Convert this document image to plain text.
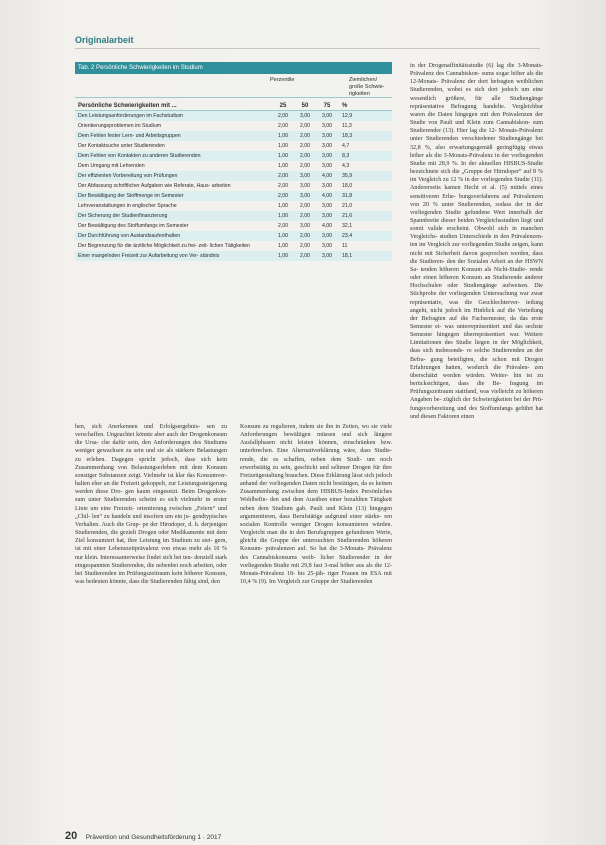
Originalarbeit
Tab. 2 Persönliche Schwierigkeiten im Studium
Perzentile	Ziemlichen/ große Schwie- rigkeiten
Persönliche Schwierigkeiten mit ...	25	50	75	%
Den Leistungsanforderungen im Fachstudium	2,00	3,00	3,00	12,9
Orientierungsproblemen im Studium	2,00	2,00	3,00	11,3
Dem Fehlen fester Lern- und Arbeitsgruppen	1,00	2,00	3,00	18,3
Der Kontaktsuche unter Studierenden	1,00	2,00	3,00	4,7
Dem Fehlen von Kontakten zu anderen Studierenden	1,00	2,00	3,00	8,3
Dem Umgang mit Lehrenden	1,00	2,00	3,00	4,3
Der effizienten Vorbereitung von Prüfungen	2,00	3,00	4,00	35,9
Der Abfassung schriftlicher Aufgaben wie Referate, Haus- arbeiten	2,00	3,00	3,00	18,0
Der Bewältigung der Stoffmenge im Semester	2,00	3,00	4,00	31,8
Lehrveranstaltungen in englischer Sprache	1,00	2,00	3,00	21,0
Der Sicherung der Studienfinanzierung	1,00	2,00	3,00	21,6
Der Bewältigung des Stoffumfangs im Semester	2,00	3,00	4,00	32,1
Der Durchführung von Auslandsaufenthalten	1,00	2,00	3,00	23,4
Der Begrenzung für die ärztliche Möglichkeit zu frei- zeit- lichen Tätigkeiten	1,00	2,00	3,00	11
Einer mangelnden Freizeit zur Aufarbeitung von Ver- ständnis	1,00	2,00	3,00	18,1
hen, sich Anerkennen und Erfolgsergebnis- sen zu verschaffen. Ungeachtet könnte aber auch der Drogenkonsum die Ursa- che dafür sein, den Anforderungen des Studiums weniger gewachsen zu sein und sie als stärkere Belastungen zu erleben. Dagegen spricht jedoch, dass sich kein Zusammenhang von Belastungserleben mit dem Konsum sonstiger Substanzen zeigt. Vielmehr ist klar das Konsumver- halten eher an die Freizeit gekoppelt, zur Leistungssteigerung werden diese Dro- gen kaum eingesetzt. Beim Drogenkon- sum unter Studierenden scheint es sich vielmehr in erster Linie um eine Freizeit- orientierung zwischen „Feiern“ und „Chil- len“ zu handeln und insofern um ein ju- gendtypisches Verhalten. Auch die Grup- pe der Hirndoper, d. h. derjenigen Studierenden, die gezielt Drogen oder Medikamente mit dem Ziel konsumiert hat, ihre Leistung im Studium zu stei- gern, ist mit einer Lebenszeitprävalenz von etwas mehr als 10 % nur klein. Interessanterweise findet sich bei ten- denziell stark eingespannten Studierenden, die nebenbei noch arbeiten, oder bei Studierenden im Prüfungszeitraum kein höherer Konsum, was bedeuten könnte, dass die Studierenden fähig sind, den
Konsum zu regulieren, indem sie ihn in Zeiten, wo sie viele Anforderungen bewältigen müssen und sich längere Ausfallphasen nicht leisten können, einschränken bzw. unterbrechen. Eine Alternativerklärung wäre, dass Studie- rende, die es schaffen, neben dem Studi- um noch erwerbstätig zu sein, geschickt und seltener Drogen für ihre Freizeitgestaltung brauchen. Diese Erklärung lässt sich jedoch anhand der vorliegenden Daten nicht bestätigen, da es keinen Zusammenhang zwischen dem HISBUS-Index Persönliches Wohlbefin- den und dem Ausüben einer bezahlten Tätigkeit neben dem Studium gab. Pauli und Klein (13) hingegen argumentieren, dass Berufstätige aufgrund einer stärke- ren sozialen Kontrolle weniger Drogen konsumieren würden. Vergleicht man die in den Berufsgruppen gefundenen Werte, gleicht die Gruppe der untersuchten Studierenden höheren Konsum- prävalenzen auf. So hat die 3-Monats- Prävalenz des Cannabiskonsums weib- licher Studierender in der vorliegenden Studie mit 29,8 fast 3-mal höher aus als die 12-Monats-Prävalenz 18- bis 25-jäh- riger Frauen im ESA mit 10,4 % (9). Im Vergleich zur Gruppe der Studierenden
in der Drogenaffinitätsstudie (6) lag die 3-Monats-Prävalenz des Cannabiskon- sums sogar höher als die 12-Monats- Prävalenz der dort befragten weiblichen Studierenden, wobei es sich dort jedoch um eine wesentlich größere, für alle Studiengänge repräsentative Befragung handelte. Vergleichbar waren die Daten hingegen mit den Prävalenzen der Studie von Pauli und Klein zum Cannabiskon- sum Studierender (13). Hier lag die 12- Monats-Prävalenz unter Studierenden verschiedener Studiengänge bei 32,8 %, also erwartungsgemäß geringfügig etwas höher als die 3-Monats-Prävalenz in der vorliegenden Studie mit 28,9 %. In der aktuellen HISBUS-Studie bezeichnete sich die „Gruppe der Hirndoper“ auf 8 % im Vergleich zu 12 % in der vorliegenden Studie (11). Andererseits kamen Hecht et al. (5) mittels eines sensitiveren Erhe- bungsverfahrens auf Prävalenzen von 20 % unter Studierenden, sodass der in der vorliegenden Studie gefundene Wert innerhalb der Spannbreite dieser beiden Vergleichsstudien liegt und somit valide erscheint. Obwohl sich in manchen Vergleichs- studien Unterschiede in den Prävalenzen- ten im Vergleich zur vorliegenden Studie zeigen, kann nicht mit Sicherheit davon gesprochen werden, dass die Studieren- den der Sozialen Arbeit an der HSWN Sa- tenden höheren Konsum als Nicht-Studie- rende oder einen höheren Konsum an Studierende anderer Hochschulen oder Studiengänge aufweisen. Die Stichprobe der vorliegenden Untersuchung war zwar repräsentativ, was die Geschlechterver- teilung angeht, nicht jedoch im Hinblick auf die Verteilung der Befragten auf die Fachsemester, da das erste Semester et- was unterrepräsentiert und das sechste Semester hingegen überrepräsentiert war. Weitere Limitationen des Studie liegen in der Möglichkeit, dass sich insbesonde- re solche Studierenden an der Befra- gung beteiligten, die schon mit Drogen Erfahrungen hatten, wodurch die Prävalen- zen überschätzt werden würden. Weiter- hin ist zu berücksichtigen, dass die Be- fragung im Prüfungszeitraum stattfand, was vielleicht zu höheren Angaben be- züglich der Schwierigkeiten bei der Prü- fungsvorbereitung und des Stoffumfangs geführt hat und diesen Faktoren einen
20 Prävention und Gesundheitsförderung 1 · 2017
